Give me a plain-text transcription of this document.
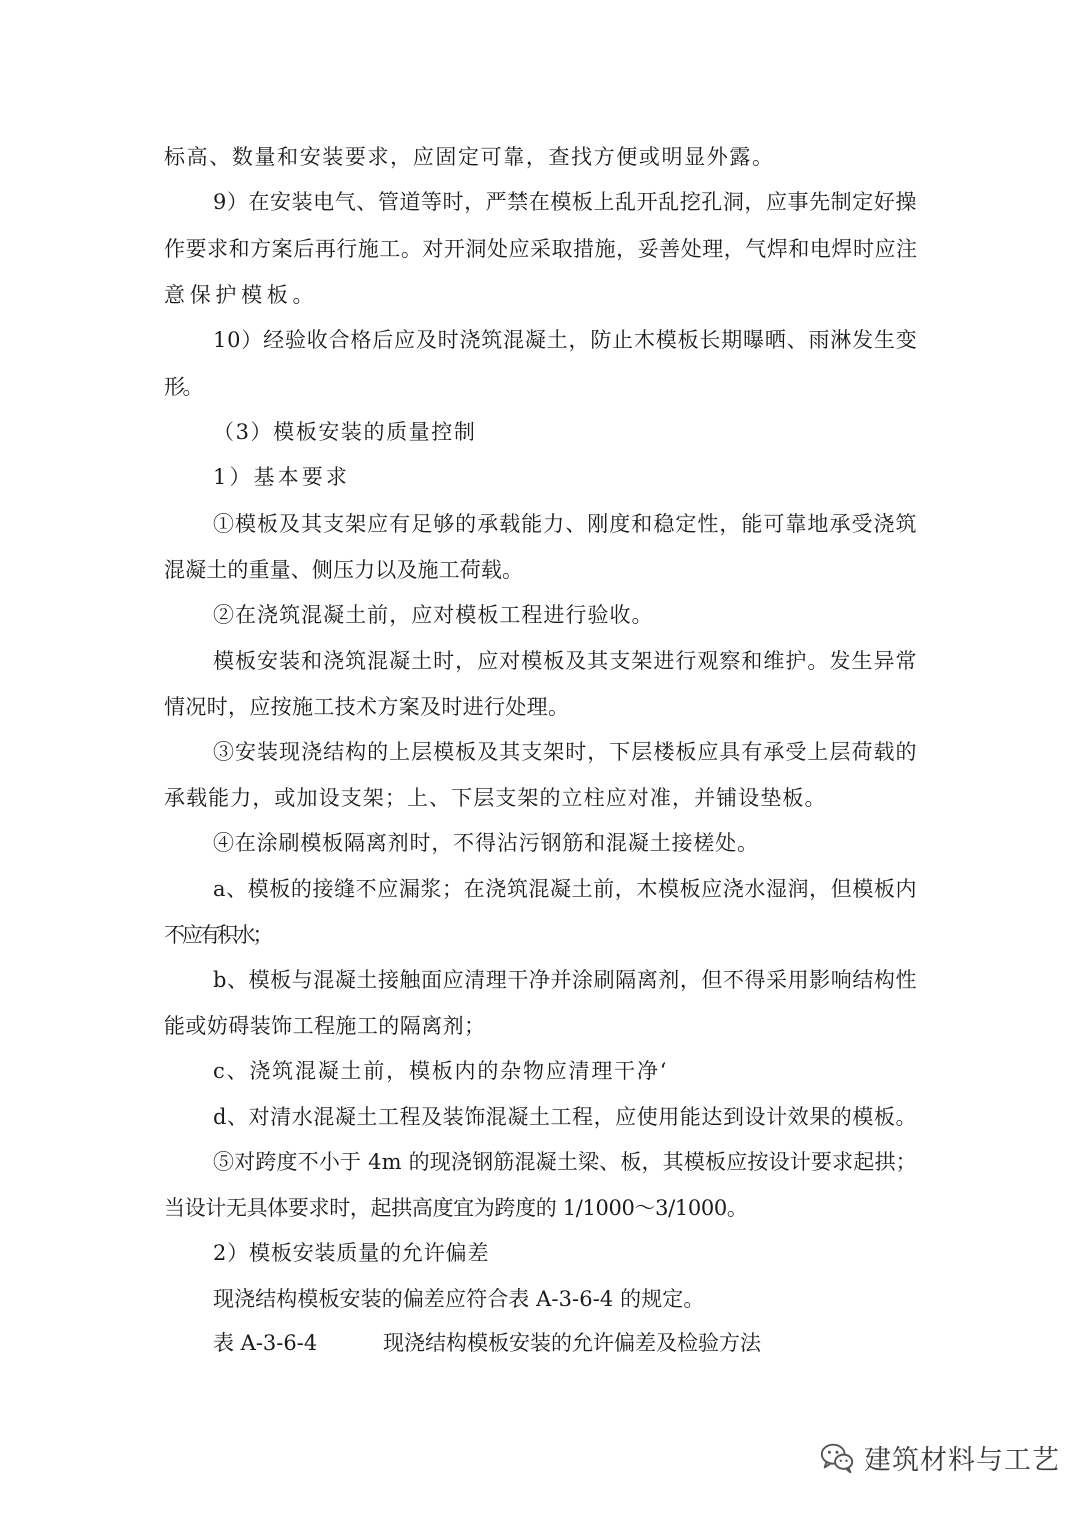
标高、数量和安装要求，应固定可靠，查找方便或明显外露。
9）在安装电气、管道等时，严禁在模板上乱开乱挖孔洞，应事先制定好操
作要求和方案后再行施工。对开洞处应采取措施，妥善处理，气焊和电焊时应注
意保护模板。
10）经验收合格后应及时浇筑混凝土，防止木模板长期曝晒、雨淋发生变
形。
（3）模板安装的质量控制
1）基本要求
①模板及其支架应有足够的承载能力、刚度和稳定性，能可靠地承受浇筑
混凝土的重量、侧压力以及施工荷载。
②在浇筑混凝土前，应对模板工程进行验收。
模板安装和浇筑混凝土时，应对模板及其支架进行观察和维护。发生异常
情况时，应按施工技术方案及时进行处理。
③安装现浇结构的上层模板及其支架时，下层楼板应具有承受上层荷载的
承载能力，或加设支架；上、下层支架的立柱应对准，并铺设垫板。
④在涂刷模板隔离剂时，不得沾污钢筋和混凝土接槎处。
a、模板的接缝不应漏浆；在浇筑混凝土前，木模板应浇水湿润，但模板内
不应有积水；
b、模板与混凝土接触面应清理干净并涂刷隔离剂，但不得采用影响结构性
能或妨碍装饰工程施工的隔离剂；
c、浇筑混凝土前，模板内的杂物应清理干净‘
d、对清水混凝土工程及装饰混凝土工程，应使用能达到设计效果的模板。
⑤对跨度不小于 4m 的现浇钢筋混凝土梁、板，其模板应按设计要求起拱；
当设计无具体要求时，起拱高度宜为跨度的 1/1000～3/1000。
2）模板安装质量的允许偏差
现浇结构模板安装的偏差应符合表 A-3-6-4 的规定。
表 A-3-6-4	现浇结构模板安装的允许偏差及检验方法
建筑材料与工艺
